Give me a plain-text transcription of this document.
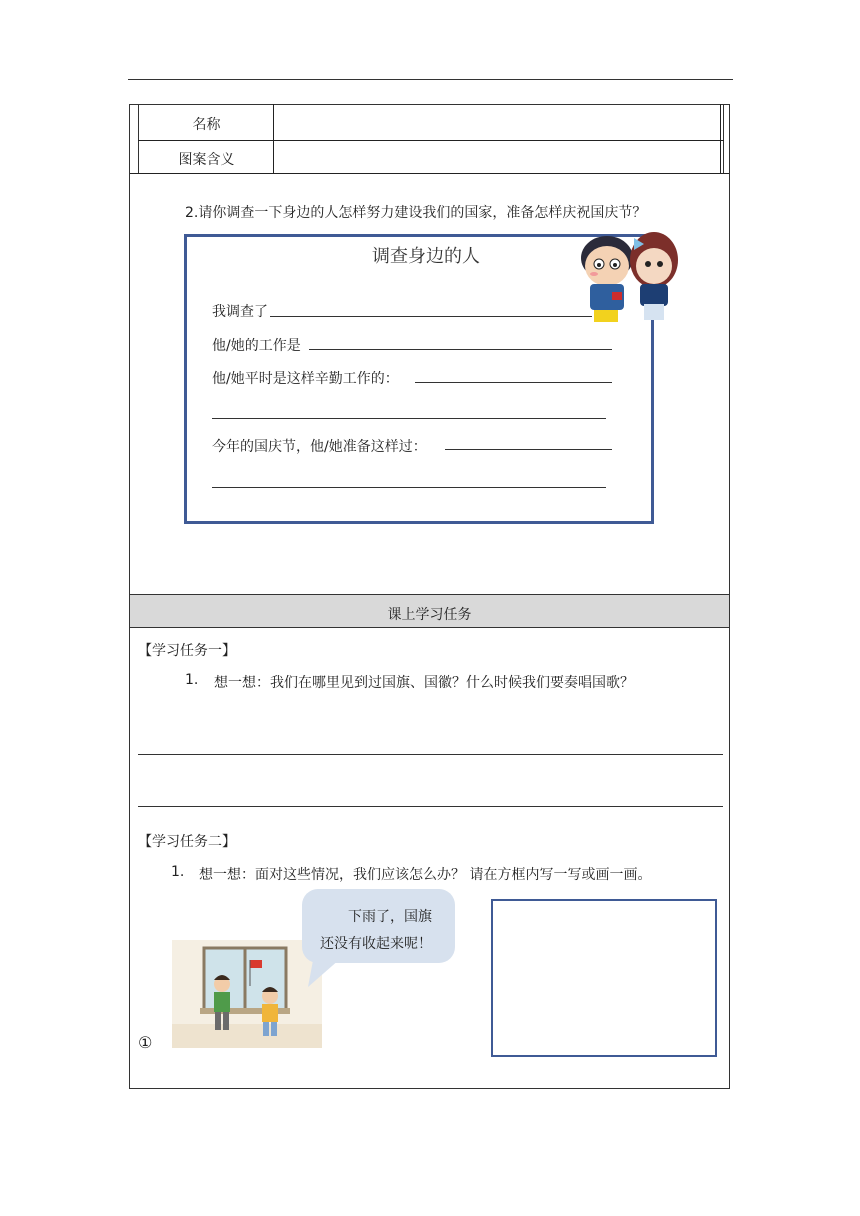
名称
图案含义
2.请你调查一下身边的人怎样努力建设我们的国家，准备怎样庆祝国庆节？
调查身边的人
我调查了
他/她的工作是
他/她平时是这样辛勤工作的：
今年的国庆节，他/她准备这样过：
课上学习任务
【学习任务一】
1. 想一想：我们在哪里见到过国旗、国徽？什么时候我们要奏唱国歌？
【学习任务二】
1. 想一想：面对这些情况，我们应该怎么办？ 请在方框内写一写或画一画。
下雨了，国旗
还没有收起来呢！
①
